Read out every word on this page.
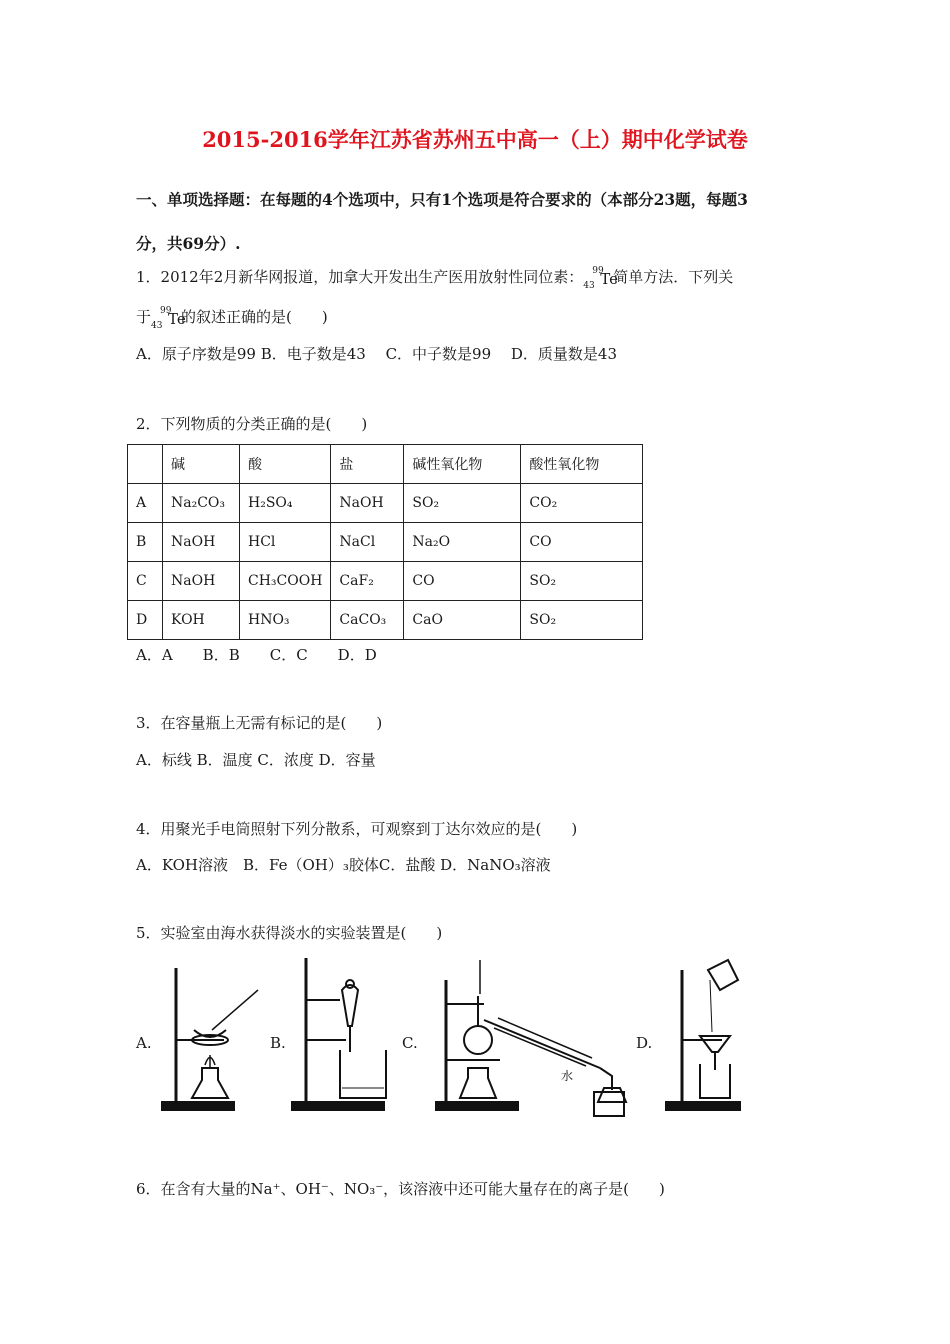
2015-2016学年江苏省苏州五中高一（上）期中化学试卷
一、单项选择题：在每题的4个选项中，只有1个选项是符合要求的（本部分23题，每题3
分，共69分）.
1．2012年2月新华网报道，加拿大开发出生产医用放射性同位素： 43
99
Te
简单方法．下列关
于 43
99
Te
的叙述正确的是(　　)
A．原子序数是99 B．电子数是43　 C．中子数是99　 D．质量数是43
2．下列物质的分类正确的是(　　)
	碱	酸	盐	碱性氧化物	酸性氧化物
A	Na₂CO₃	H₂SO₄	NaOH	SO₂	CO₂
B	NaOH	HCl	NaCl	Na₂O	CO
C	NaOH	CH₃COOH	CaF₂	CO	SO₂
D	KOH	HNO₃	CaCO₃	CaO	SO₂
A．A　　B．B　　C．C　　D．D
3．在容量瓶上无需有标记的是(　　)
A．标线 B．温度 C．浓度 D．容量
4．用聚光手电筒照射下列分散系，可观察到丁达尔效应的是(　　)
A．KOH溶液　B．Fe（OH）₃胶体C．盐酸 D．NaNO₃溶液
5．实验室由海水获得淡水的实验装置是(　　)
A.	B.	C.	D.
水
6．在含有大量的Na⁺、OH⁻、NO₃⁻，该溶液中还可能大量存在的离子是(　　)
